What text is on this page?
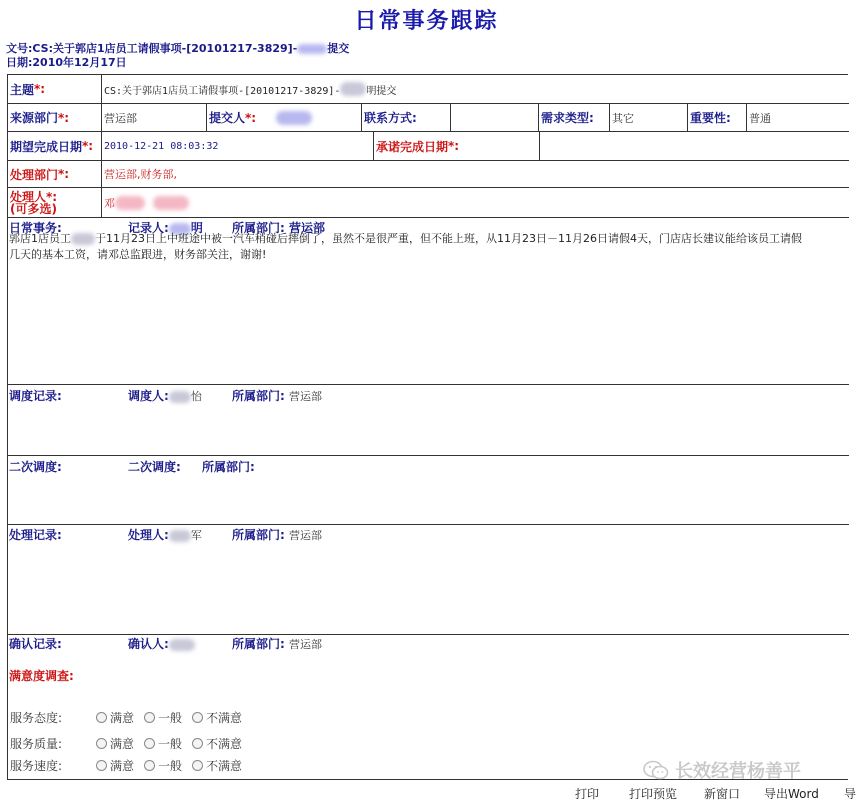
日常事务跟踪
文号:CS:关于郭店1店员工请假事项-[20101217-3829]-	提交
日期:2010年12月17日
主题 *:	CS:关于郭店1店员工请假事项-[20101217-3829]-	明提交
来源部门 *:	营运部	提交人 *:	联系方式:	需求类型: 其它	重要性: 普通
期望完成日期 *: 2010-12-21 08:03:32	承诺完成日期 *:
处理部门 *:	营运部,财务部,
处理人*:
(可多选)	邓
日常事务:	记录人: 明 所属部门: 营运部
郭店1店员工 于11月23日上中班途中被一汽车稍碰后摔倒了，虽然不是很严重，但不能上班，从11月23日－11月26日请假4天，门店店长建议能给该员工请假
几天的基本工资，请邓总监跟进，财务部关注，谢谢!
调度记录:	调度人: 怡	所属部门: 营运部
二次调度:	二次调度: 所属部门:
处理记录:	处理人: 军	所属部门: 营运部
确认记录:	确认人:	所属部门: 营运部
满意度调查:
服务态度:	满意 一般 不满意
服务质量:	满意 一般 不满意
服务速度:	满意 一般 不满意	长效经营杨善平
打印 打印预览 新窗口 导出Word 导
